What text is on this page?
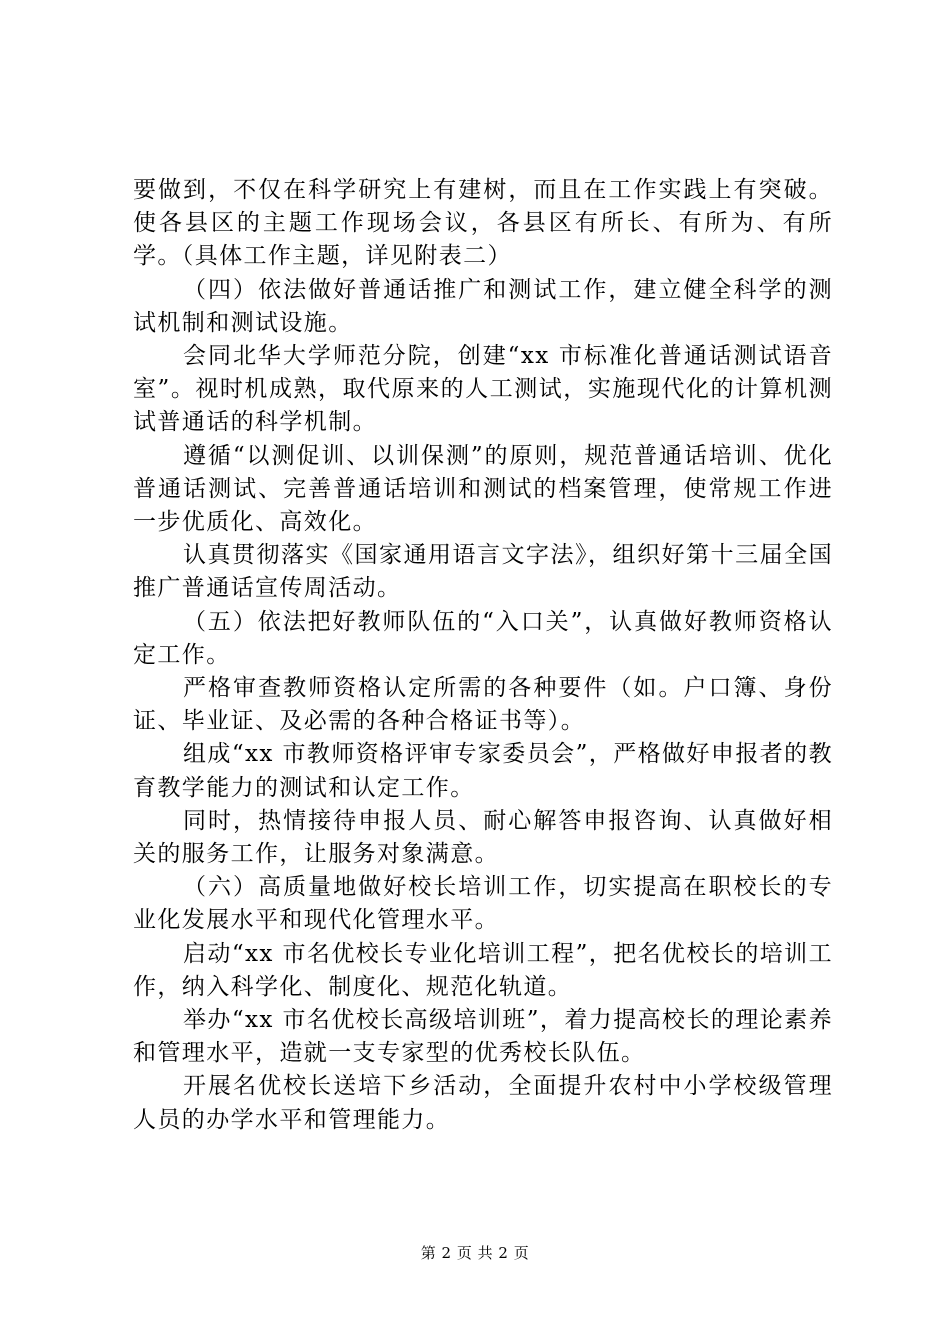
要做到，不仅在科学研究上有建树，而且在工作实践上有突破。使各县区的主题工作现场会议，各县区有所长、有所为、有所学。（具体工作主题，详见附表二）

（四）依法做好普通话推广和测试工作，建立健全科学的测试机制和测试设施。

会同北华大学师范分院，创建“xx 市标准化普通话测试语音室”。视时机成熟，取代原来的人工测试，实施现代化的计算机测试普通话的科学机制。

遵循“以测促训、以训保测”的原则，规范普通话培训、优化普通话测试、完善普通话培训和测试的档案管理，使常规工作进一步优质化、高效化。

认真贯彻落实《国家通用语言文字法》，组织好第十三届全国推广普通话宣传周活动。

（五）依法把好教师队伍的“入口关”，认真做好教师资格认定工作。

严格审查教师资格认定所需的各种要件（如。户口簿、身份证、毕业证、及必需的各种合格证书等）。

组成“xx 市教师资格评审专家委员会”，严格做好申报者的教育教学能力的测试和认定工作。

同时，热情接待申报人员、耐心解答申报咨询、认真做好相关的服务工作，让服务对象满意。

（六）高质量地做好校长培训工作，切实提高在职校长的专业化发展水平和现代化管理水平。

启动“xx 市名优校长专业化培训工程”，把名优校长的培训工作，纳入科学化、制度化、规范化轨道。

举办“xx 市名优校长高级培训班”，着力提高校长的理论素养和管理水平，造就一支专家型的优秀校长队伍。

开展名优校长送培下乡活动，全面提升农村中小学校级管理人员的办学水平和管理能力。

第 2 页 共 2 页
